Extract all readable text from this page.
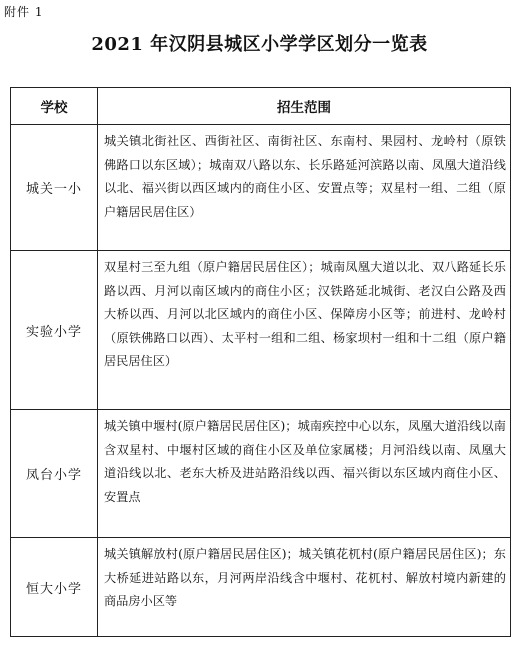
附件 1
2021 年汉阴县城区小学学区划分一览表
学校	招生范围
城关一小	城关镇北街社区、西街社区、南街社区、东南村、果园村、龙岭村（原铁佛路口以东区域）；城南双八路以东、长乐路延河滨路以南、凤凰大道沿线以北、福兴街以西区域内的商住小区、安置点等；双星村一组、二组（原户籍居民居住区）
实验小学	双星村三至九组（原户籍居民居住区）；城南凤凰大道以北、双八路延长乐路以西、月河以南区域内的商住小区；汉铁路延北城街、老汉白公路及西大桥以西、月河以北区域内的商住小区、保障房小区等；前进村、龙岭村（原铁佛路口以西）、太平村一组和二组、杨家坝村一组和十二组（原户籍居民居住区）
凤台小学	城关镇中堰村(原户籍居民居住区)；城南疾控中心以东，凤凰大道沿线以南含双星村、中堰村区域的商住小区及单位家属楼；月河沿线以南、凤凰大道沿线以北、老东大桥及进站路沿线以西、福兴街以东区域内商住小区、安置点
恒大小学	城关镇解放村(原户籍居民居住区)；城关镇花杌村(原户籍居民居住区)；东大桥延进站路以东，月河两岸沿线含中堰村、花杌村、解放村境内新建的商品房小区等
